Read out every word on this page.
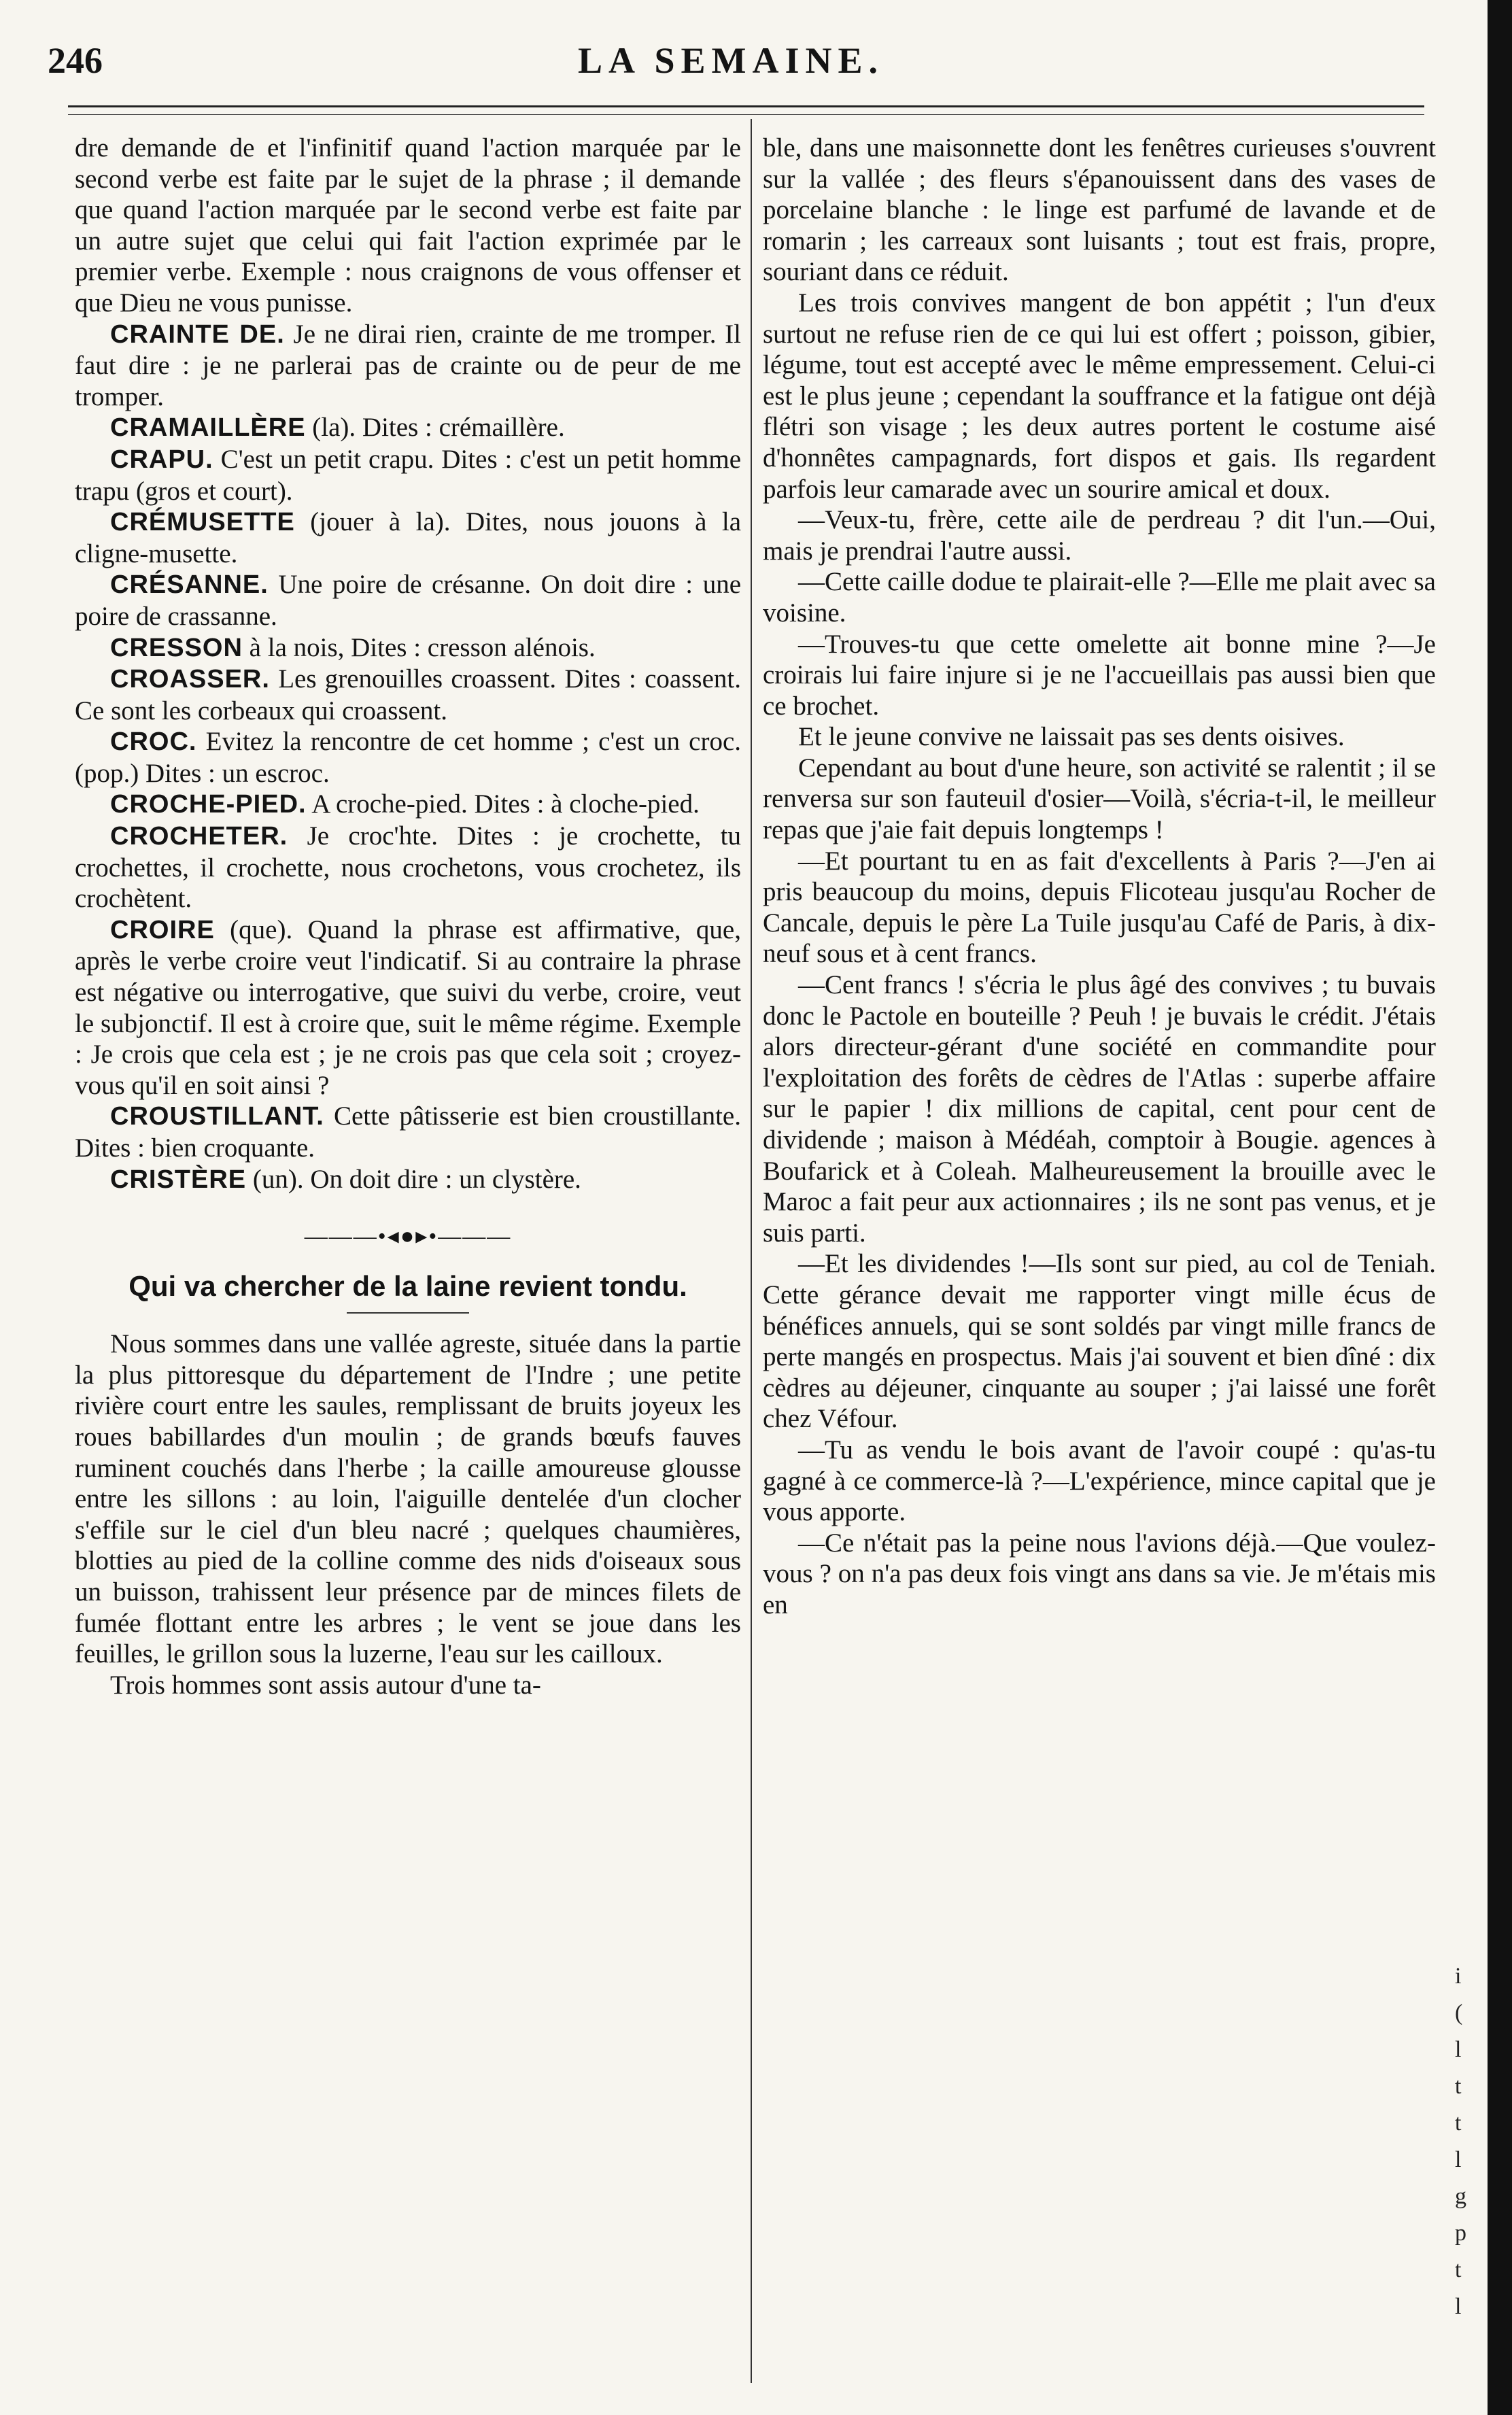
246	LA SEMAINE.
i
(
l
t
t
l
g
p
t
l

dre demande de et l'infinitif quand l'action marquée par le second verbe est faite par le sujet de la phrase ; il demande que quand l'action marquée par le second verbe est faite par un autre sujet que celui qui fait l'action exprimée par le premier verbe. Exemple : nous craignons de vous offenser et que Dieu ne vous punisse.

CRAINTE DE. Je ne dirai rien, crainte de me tromper. Il faut dire : je ne parlerai pas de crainte ou de peur de me tromper.

CRAMAILLÈRE (la). Dites : crémaillère.

CRAPU. C'est un petit crapu. Dites : c'est un petit homme trapu (gros et court).

CRÉMUSETTE (jouer à la). Dites, nous jouons à la cligne-musette.

CRÉSANNE. Une poire de crésanne. On doit dire : une poire de crassanne.

CRESSON à la nois, Dites : cresson alénois.

CROASSER. Les grenouilles croassent. Dites : coassent. Ce sont les corbeaux qui croassent.

CROC. Evitez la rencontre de cet homme ; c'est un croc. (pop.) Dites : un escroc.

CROCHE-PIED. A croche-pied. Dites : à cloche-pied.

CROCHETER. Je croc'hte. Dites : je crochette, tu crochettes, il crochette, nous crochetons, vous crochetez, ils crochètent.

CROIRE (que). Quand la phrase est affirmative, que, après le verbe croire veut l'indicatif. Si au contraire la phrase est négative ou interrogative, que suivi du verbe, croire, veut le subjonctif. Il est à croire que, suit le même régime. Exemple : Je crois que cela est ; je ne crois pas que cela soit ; croyez-vous qu'il en soit ainsi ?

CROUSTILLANT. Cette pâtisserie est bien croustillante. Dites : bien croquante.

CRISTÈRE (un). On doit dire : un clystère.

———•◂●▸•———
Qui va chercher de la laine revient tondu.

Nous sommes dans une vallée agreste, située dans la partie la plus pittoresque du département de l'Indre ; une petite rivière court entre les saules, remplissant de bruits joyeux les roues babillardes d'un moulin ; de grands bœufs fauves ruminent couchés dans l'herbe ; la caille amoureuse glousse entre les sillons : au loin, l'aiguille dentelée d'un clocher s'effile sur le ciel d'un bleu nacré ; quelques chaumières, blotties au pied de la colline comme des nids d'oiseaux sous un buisson, trahissent leur présence par de minces filets de fumée flottant entre les arbres ; le vent se joue dans les feuilles, le grillon sous la luzerne, l'eau sur les cailloux.

Trois hommes sont assis autour d'une ta-

ble, dans une maisonnette dont les fenêtres curieuses s'ouvrent sur la vallée ; des fleurs s'épanouissent dans des vases de porcelaine blanche : le linge est parfumé de lavande et de romarin ; les carreaux sont luisants ; tout est frais, propre, souriant dans ce réduit.

Les trois convives mangent de bon appétit ; l'un d'eux surtout ne refuse rien de ce qui lui est offert ; poisson, gibier, légume, tout est accepté avec le même empressement. Celui-ci est le plus jeune ; cependant la souffrance et la fatigue ont déjà flétri son visage ; les deux autres portent le costume aisé d'honnêtes campagnards, fort dispos et gais. Ils regardent parfois leur camarade avec un sourire amical et doux.

—Veux-tu, frère, cette aile de perdreau ? dit l'un.—Oui, mais je prendrai l'autre aussi.

—Cette caille dodue te plairait-elle ?—Elle me plait avec sa voisine.

—Trouves-tu que cette omelette ait bonne mine ?—Je croirais lui faire injure si je ne l'accueillais pas aussi bien que ce brochet.

Et le jeune convive ne laissait pas ses dents oisives.

Cependant au bout d'une heure, son activité se ralentit ; il se renversa sur son fauteuil d'osier—Voilà, s'écria-t-il, le meilleur repas que j'aie fait depuis longtemps !

—Et pourtant tu en as fait d'excellents à Paris ?—J'en ai pris beaucoup du moins, depuis Flicoteau jusqu'au Rocher de Cancale, depuis le père La Tuile jusqu'au Café de Paris, à dix-neuf sous et à cent francs.

—Cent francs ! s'écria le plus âgé des convives ; tu buvais donc le Pactole en bouteille ? Peuh ! je buvais le crédit. J'étais alors directeur-gérant d'une société en commandite pour l'exploitation des forêts de cèdres de l'Atlas : superbe affaire sur le papier ! dix millions de capital, cent pour cent de dividende ; maison à Médéah, comptoir à Bougie. agences à Boufarick et à Coleah. Malheureusement la brouille avec le Maroc a fait peur aux actionnaires ; ils ne sont pas venus, et je suis parti.

—Et les dividendes !—Ils sont sur pied, au col de Teniah. Cette gérance devait me rapporter vingt mille écus de bénéfices annuels, qui se sont soldés par vingt mille francs de perte mangés en prospectus. Mais j'ai souvent et bien dîné : dix cèdres au déjeuner, cinquante au souper ; j'ai laissé une forêt chez Véfour.

—Tu as vendu le bois avant de l'avoir coupé : qu'as-tu gagné à ce commerce-là ?—L'expérience, mince capital que je vous apporte.

—Ce n'était pas la peine nous l'avions déjà.—Que voulez-vous ? on n'a pas deux fois vingt ans dans sa vie. Je m'étais mis en
